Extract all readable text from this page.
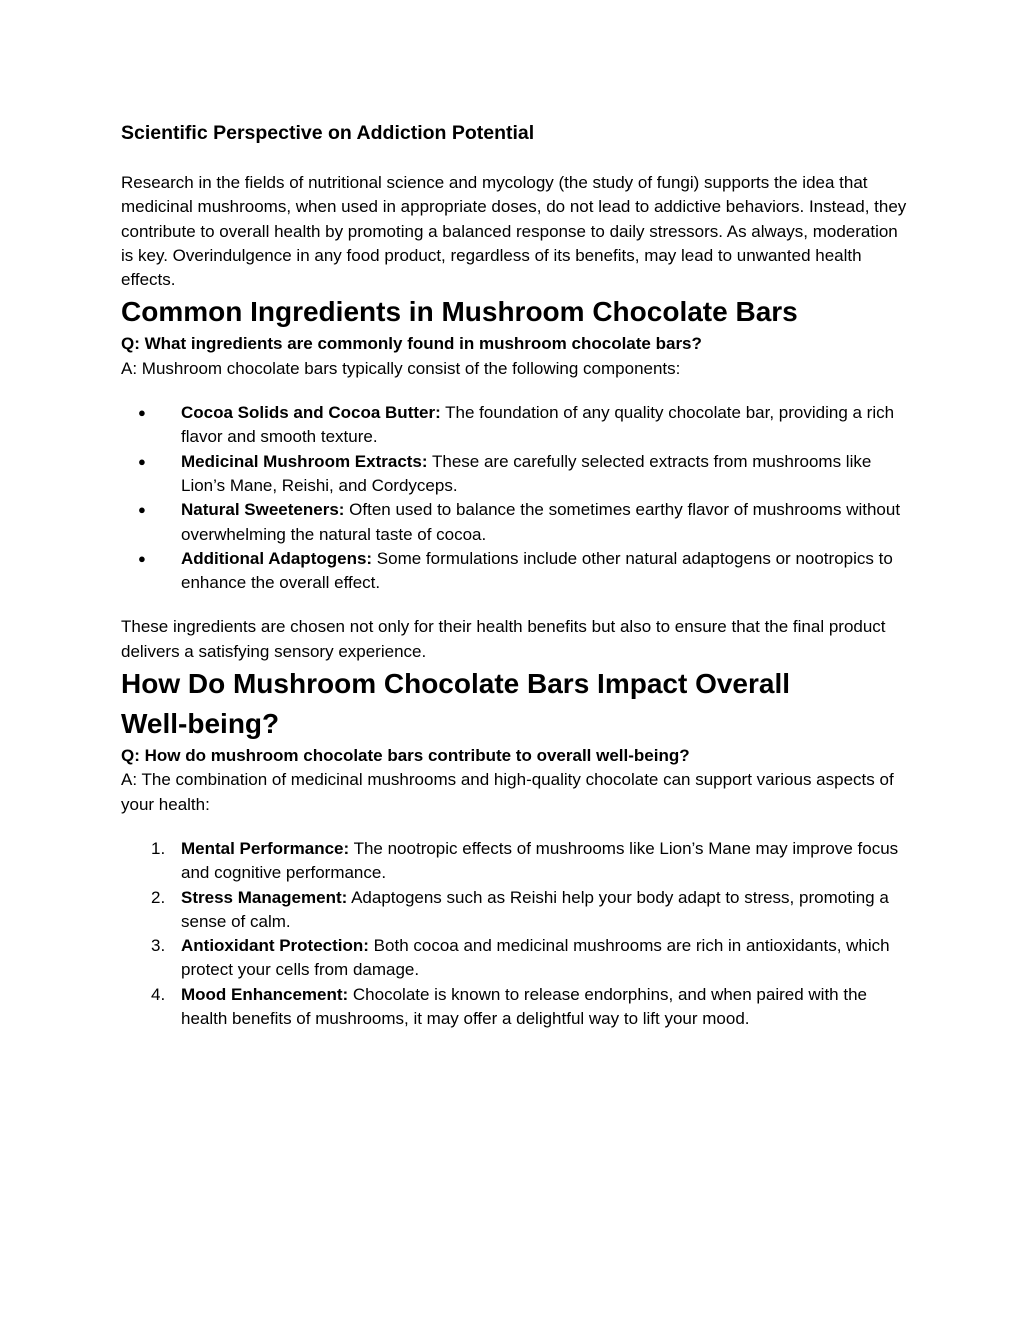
Scientific Perspective on Addiction Potential

Research in the fields of nutritional science and mycology (the study of fungi) supports the idea that medicinal mushrooms, when used in appropriate doses, do not lead to addictive behaviors. Instead, they contribute to overall health by promoting a balanced response to daily stressors. As always, moderation is key. Overindulgence in any food product, regardless of its benefits, may lead to unwanted health effects.

Common Ingredients in Mushroom Chocolate Bars

Q: What ingredients are commonly found in mushroom chocolate bars?
A: Mushroom chocolate bars typically consist of the following components:

● Cocoa Solids and Cocoa Butter: The foundation of any quality chocolate bar, providing a rich flavor and smooth texture.
● Medicinal Mushroom Extracts: These are carefully selected extracts from mushrooms like Lion’s Mane, Reishi, and Cordyceps.
● Natural Sweeteners: Often used to balance the sometimes earthy flavor of mushrooms without overwhelming the natural taste of cocoa.
● Additional Adaptogens: Some formulations include other natural adaptogens or nootropics to enhance the overall effect.

These ingredients are chosen not only for their health benefits but also to ensure that the final product delivers a satisfying sensory experience.

How Do Mushroom Chocolate Bars Impact Overall
Well-being?

Q: How do mushroom chocolate bars contribute to overall well-being?
A: The combination of medicinal mushrooms and high-quality chocolate can support various aspects of your health:

1. Mental Performance: The nootropic effects of mushrooms like Lion’s Mane may improve focus and cognitive performance.
2. Stress Management: Adaptogens such as Reishi help your body adapt to stress, promoting a sense of calm.
3. Antioxidant Protection: Both cocoa and medicinal mushrooms are rich in antioxidants, which protect your cells from damage.
4. Mood Enhancement: Chocolate is known to release endorphins, and when paired with the health benefits of mushrooms, it may offer a delightful way to lift your mood.
